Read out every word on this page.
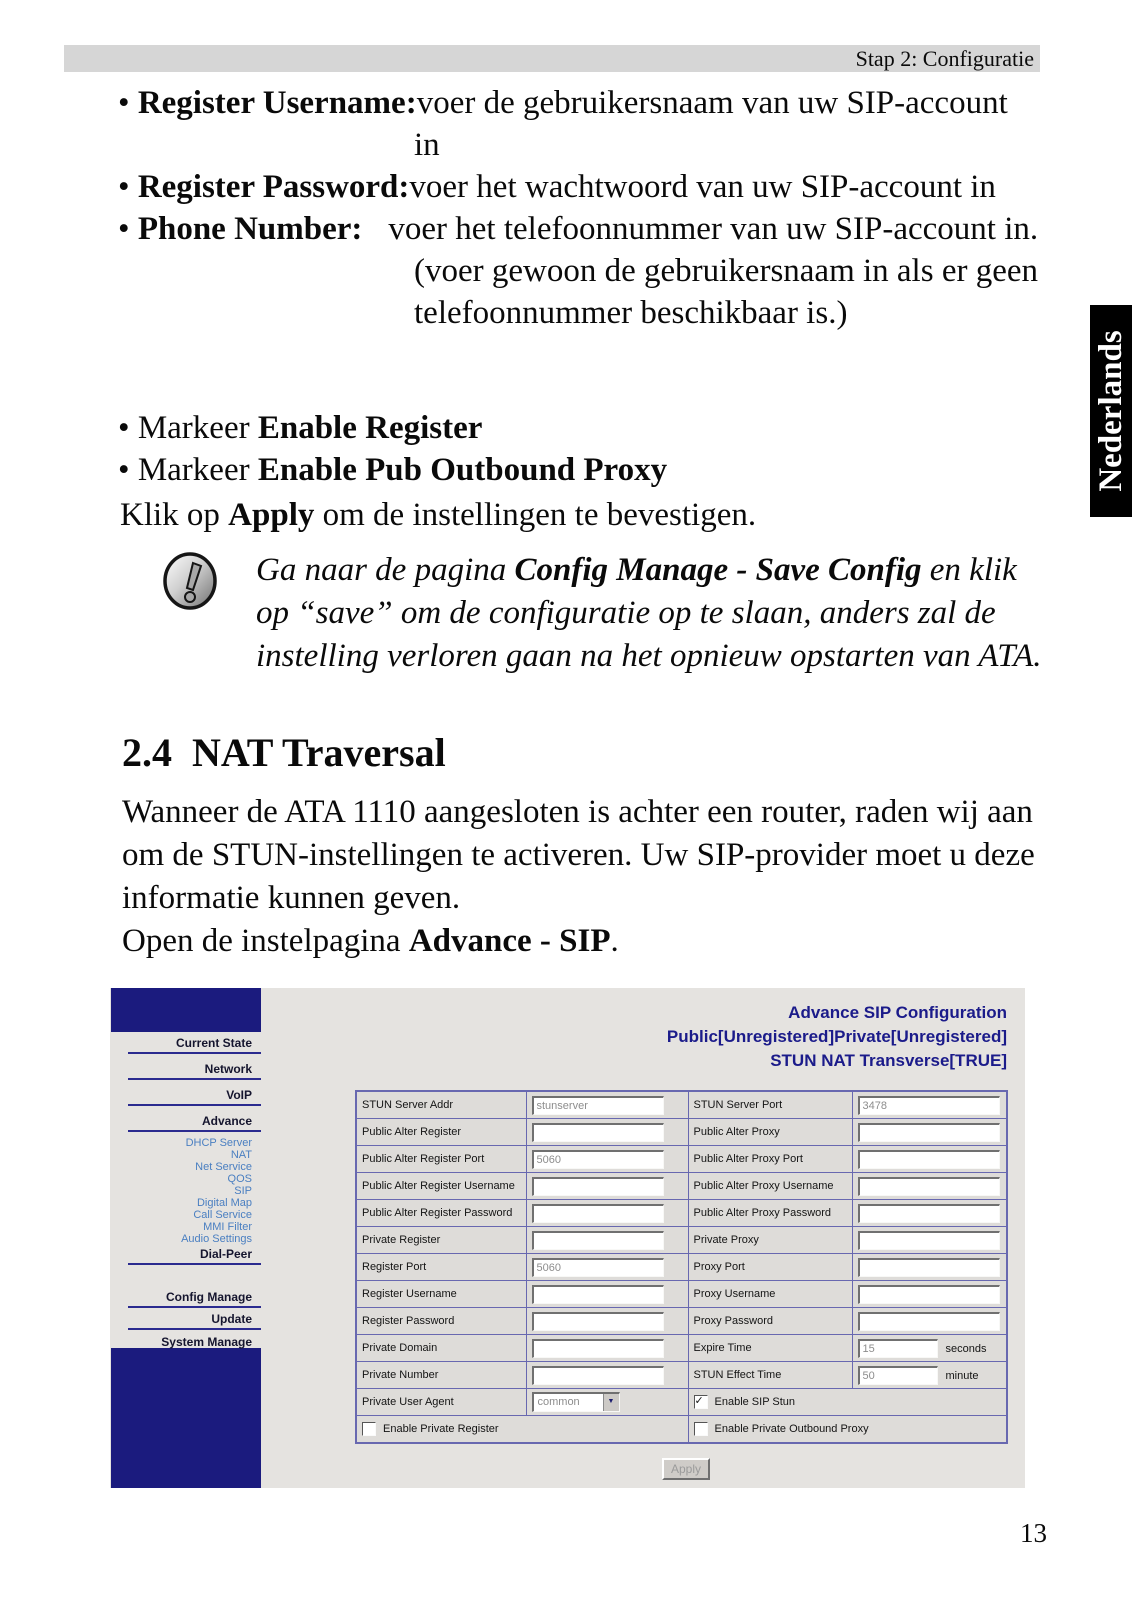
Stap 2: Configuratie
• Register Username:voer de gebruikersnaam van uw SIP-account in
• Register Password:voer het wachtwoord van uw SIP-account in
• Phone Number: voer het telefoonnummer van uw SIP-account in. (voer gewoon de gebruikersnaam in als er geen telefoonnummer beschikbaar is.)
• Markeer Enable Register
• Markeer Enable Pub Outbound Proxy
Klik op Apply om de instellingen te bevestigen.
Ga naar de pagina Config Manage - Save Config en klik op “save” om de configuratie op te slaan, anders zal de instelling verloren gaan na het opnieuw opstarten van ATA.
2.4 NAT Traversal

Wanneer de ATA 1110 aangesloten is achter een router, raden wij aan om de STUN-instellingen te activeren. Uw SIP-provider moet u deze informatie kunnen geven.

Open de instelpagina Advance - SIP.

Current State
Network
VoIP
Advance
DHCP Server
NAT
Net Service
QOS
SIP
Digital Map
Call Service
MMI Filter
Audio Settings
Dial-Peer
Config Manage
Update
System Manage
Advance SIP Configuration
Public[Unregistered]Private[Unregistered]
STUN NAT Transverse[TRUE]
STUN Server Addr	stunserver	STUN Server Port	3478
Public Alter Register		Public Alter Proxy	
Public Alter Register Port	5060	Public Alter Proxy Port	
Public Alter Register Username		Public Alter Proxy Username	
Public Alter Register Password		Public Alter Proxy Password	
Private Register		Private Proxy	
Register Port	5060	Proxy Port	
Register Username		Proxy Username	
Register Password		Proxy Password	
Private Domain		Expire Time	15seconds
Private Number		STUN Effect Time	50minute
Private User Agent	common ▼	✓ Enable SIP Stun	
Enable Private Register		Enable Private Outbound Proxy	
Apply
Nederlands
13
